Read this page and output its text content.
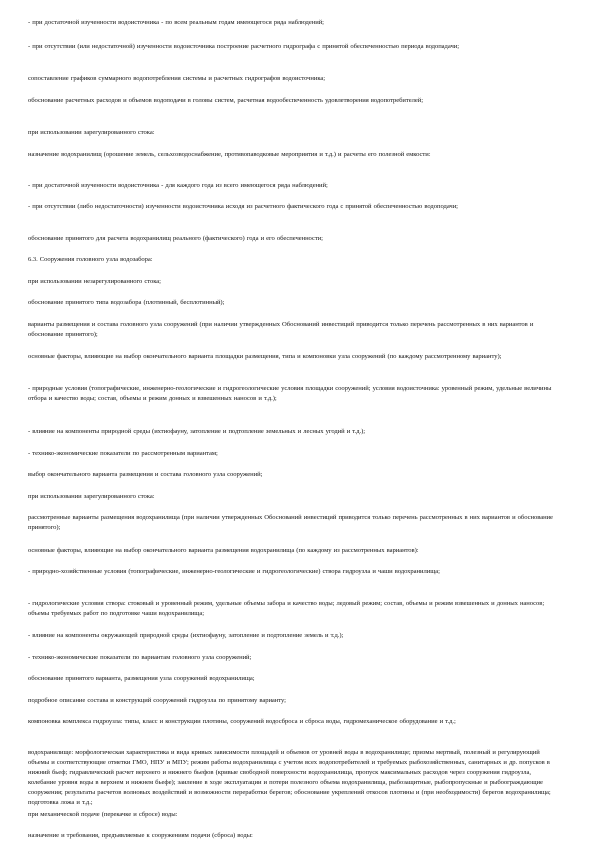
- при достаточной изученности водоисточника - по всем реальным годам имеющегося ряда наблюдений;

- при отсутствии (или недостаточной) изученности водоисточника построение расчетного гидрографа с принятой обеспеченностью периода водопадачи;

сопоставление графиков суммарного водопотребления системы и расчетных гидрографов водоисточника;

обоснование расчетных расходов и объемов водоподачи в головы систем, расчетная водообеспеченность удовлетворения водопотребителей;

при использовании зарегулированного стока:

назначение водохранилищ (орошение земель, сельхозводоснабжение, противопаводковые мероприятия и т.д.) и расчеты его полезной емкости:

- при достаточной изученности водоисточника - для каждого года из всего имеющегося ряда наблюдений;

- при отсутствии (либо недостаточности) изученности водоисточника исходя из расчетного фактического года с принятой обеспеченностью водоподачи;

обоснование принятого для расчета водохранилищ реального (фактического) года и его обеспеченности;

6.3. Сооружения головного узла водозабора:

при использовании незарегулированного стока;

обоснование принятого типа водозабора (плотинный, бесплотинный);

варианты размещения и состава головного узла сооружений (при наличии утвержденных Обоснований инвестиций приводится только перечень рассмотренных в них вариантов и обоснование принятого);

основные факторы, влияющие на выбор окончательного варианта площадки размещения, типа и компоновки узла сооружений (по каждому рассмотренному варианту);

- природные условия (топографические, инженерно-геологические и гидрогеологические условия площадки сооружений; условия водоисточника: уровенный режим, удельные величины отбора и качество воды; состав, объемы и режим донных и взвешенных наносов и т.д.);

- влияние на компоненты природной среды (ихтиофауну, затопление и подтопление земельных и лесных угодий и т.д.);

- технико-экономические показатели по рассмотренным вариантам;

выбор окончательного варианта размещения и состава головного узла сооружений;

при использовании зарегулированного стока:

рассмотренные варианты размещения водохранилища (при наличии утвержденных Обоснований инвестиций приводится только перечень рассмотренных в них вариантов и обоснование принятого);

основные факторы, влияющие на выбор окончательного варианта размещения водохранилища (по каждому из рассмотренных вариантов):

- природно-хозяйственные условия (топографические, инженерно-геологические и гидрогеологические) створа гидроузла и чаши водохранилища;

- гидрологические условия створа: стоковый и уровенный режим, удельные объемы забора и качество воды; ледовый режим; состав, объемы и режим взвешенных и донных наносов; объемы требуемых работ по подготовке чаши водохранилища;

- влияние на компоненты окружающей природной среды (ихтиофауну, затопление и подтопление земель и т.д.);

- технико-экономические показатели по вариантам головного узла сооружений;

обоснование принятого варианта, размещения узла сооружений водохранилища;

подробное описание состава и конструкций сооружений гидроузла по принятому варианту;

компоновка комплекса гидроузла: типы, класс и конструкции плотины, сооружений водосброса и сброса воды, гидромеханическое оборудование и т.д.;

водохранилище: морфологическая характеристика и вида кривых зависимости площадей и объемов от уровней воды в водохранилище; призмы мертвый, полезный и регулирующий объемы и соответствующие отметки ГМО, НПУ и МПУ; режим работы водохранилища с учетом всех водопотребителей и требуемых рыбохозяйственных, санитарных и др. попусков в нижний бьеф; гидравлический расчет верхнего и нижнего бьефов (кривые свободной поверхности водохранилища, пропуск максимальных расходов через сооружения гидроузла, колебание уровня воды в верхнем и нижнем бьефе); заиление в ходе эксплуатации и потери полезного объема водохранилища, рыбозащитные, рыбопропускные и рыбоограждающие сооружения; результаты расчетов волновых воздействий и возможности переработки берегов; обоснование укреплений откосов плотины и (при необходимости) берегов водохранилища; подготовка ложа и т.д.;

при механической подаче (перекачке и сбросе) воды:

назначение и требования, предъявляемые к сооружениям подачи (сброса) воды:
